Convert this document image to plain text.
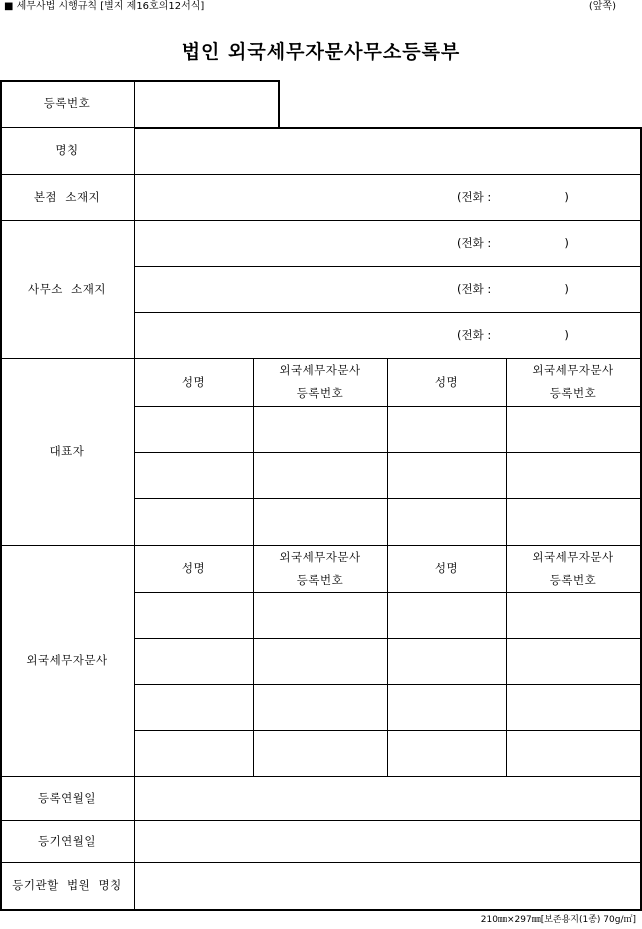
■ 세무사법 시행규칙 [별지 제16호의12서식]	(앞쪽)
법인 외국세무자문사무소등록부
등록번호
명칭
본점  소재지
사무소  소재지
대표자
외국세무자문사
등록연월일
등기연월일
등기관할  법원  명칭
(전화 :                    )
(전화 :                    )
(전화 :                    )
(전화 :                    )
성명
외국세무자문사
등록번호
성명
외국세무자문사
등록번호
성명
외국세무자문사
등록번호
성명
외국세무자문사
등록번호
210㎜×297㎜[보존용지(1종) 70g/㎡]
